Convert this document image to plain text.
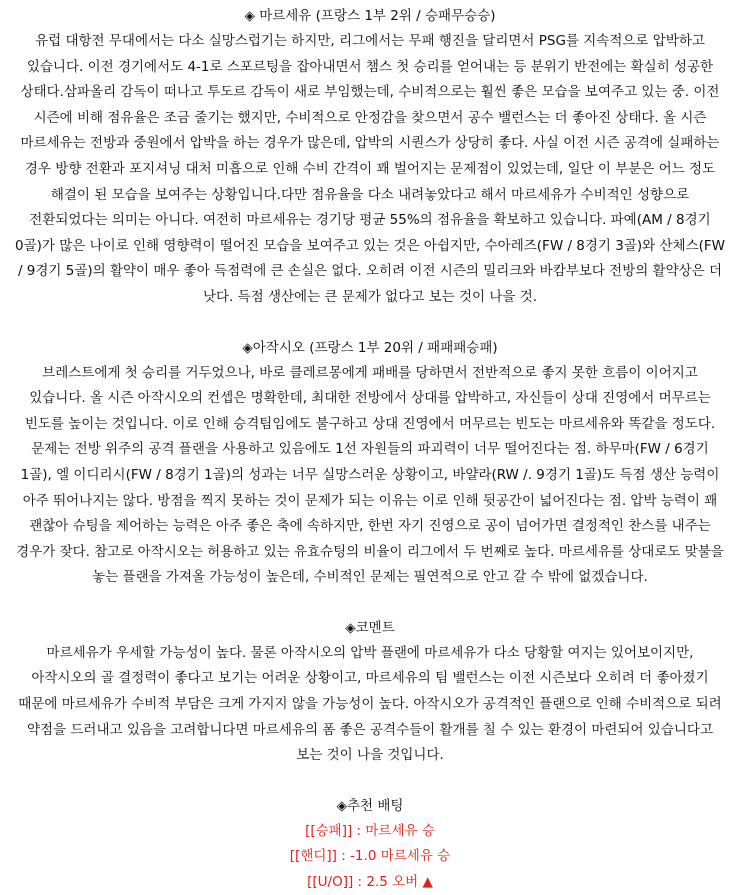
◈ 마르세유 (프랑스 1부 2위 / 승패무승승)

유럽 대항전 무대에서는 다소 실망스럽기는 하지만, 리그에서는 무패 행진을 달리면서 PSG를 지속적으로 압박하고 있습니다. 이전 경기에서도 4-1로 스포르팅을 잡아내면서 챔스 첫 승리를 얻어내는 등 분위기 반전에는 확실히 성공한 상태다.삼파올리 감독이 떠나고 투도르 감독이 새로 부임했는데, 수비적으로는 훨씬 좋은 모습을 보여주고 있는 중. 이전 시즌에 비해 점유율은 조금 줄기는 했지만, 수비적으로 안정감을 찾으면서 공수 밸런스는 더 좋아진 상태다. 올 시즌 마르세유는 전방과 중원에서 압박을 하는 경우가 많은데, 압박의 시퀀스가 상당히 좋다. 사실 이전 시즌 공격에 실패하는 경우 방향 전환과 포지셔닝 대처 미흡으로 인해 수비 간격이 꽤 벌어지는 문제점이 있었는데, 일단 이 부분은 어느 정도 해결이 된 모습을 보여주는 상황입니다.다만 점유율을 다소 내려놓았다고 해서 마르세유가 수비적인 성향으로 전환되었다는 의미는 아니다. 여전히 마르세유는 경기당 평균 55%의 점유율을 확보하고 있습니다. 파예(AM / 8경기 0골)가 많은 나이로 인해 영향력이 떨어진 모습을 보여주고 있는 것은 아쉽지만, 수아레즈(FW / 8경기 3골)와 산체스(FW / 9경기 5골)의 활약이 매우 좋아 득점력에 큰 손실은 없다. 오히려 이전 시즌의 밀리크와 바캄부보다 전방의 활약상은 더 낫다. 득점 생산에는 큰 문제가 없다고 보는 것이 나을 것.

◈아작시오 (프랑스 1부 20위 / 패패패승패)

브레스트에게 첫 승리를 거두었으나, 바로 클레르몽에게 패배를 당하면서 전반적으로 좋지 못한 흐름이 이어지고 있습니다. 올 시즌 아작시오의 컨셉은 명확한데, 최대한 전방에서 상대를 압박하고, 자신들이 상대 진영에서 머무르는 빈도를 높이는 것입니다. 이로 인해 승격팀임에도 불구하고 상대 진영에서 머무르는 빈도는 마르세유와 똑같을 정도다.문제는 전방 위주의 공격 플랜을 사용하고 있음에도 1선 자원들의 파괴력이 너무 떨어진다는 점. 하무마(FW / 6경기 1골), 엘 이디리시(FW / 8경기 1골)의 성과는 너무 실망스러운 상황이고, 바얄라(RW /. 9경기 1골)도 득점 생산 능력이 아주 뛰어나지는 않다. 방점을 찍지 못하는 것이 문제가 되는 이유는 이로 인해 뒷공간이 넓어진다는 점. 압박 능력이 꽤 괜찮아 슈팅을 제어하는 능력은 아주 좋은 축에 속하지만, 한번 자기 진영으로 공이 넘어가면 결정적인 찬스를 내주는 경우가 잦다. 참고로 아작시오는 허용하고 있는 유효슈팅의 비율이 리그에서 두 번째로 높다. 마르세유를 상대로도 맞불을 놓는 플랜을 가져올 가능성이 높은데, 수비적인 문제는 필연적으로 안고 갈 수 밖에 없겠습니다.

◈코멘트

마르세유가 우세할 가능성이 높다. 물론 아작시오의 압박 플랜에 마르세유가 다소 당황할 여지는 있어보이지만, 아작시오의 골 결정력이 좋다고 보기는 어려운 상황이고, 마르세유의 팀 밸런스는 이전 시즌보다 오히려 더 좋아졌기 때문에 마르세유가 수비적 부담은 크게 가지지 않을 가능성이 높다. 아작시오가 공격적인 플랜으로 인해 수비적으로 되려 약점을 드러내고 있음을 고려합니다면 마르세유의 폼 좋은 공격수들이 활개를 칠 수 있는 환경이 마련되어 있습니다고 보는 것이 나을 것입니다.

◈추천 배팅

[[승패]] : 마르세유 승

[[핸디]] : -1.0 마르세유 승

[[U/O]] : 2.5 오버 ▲
